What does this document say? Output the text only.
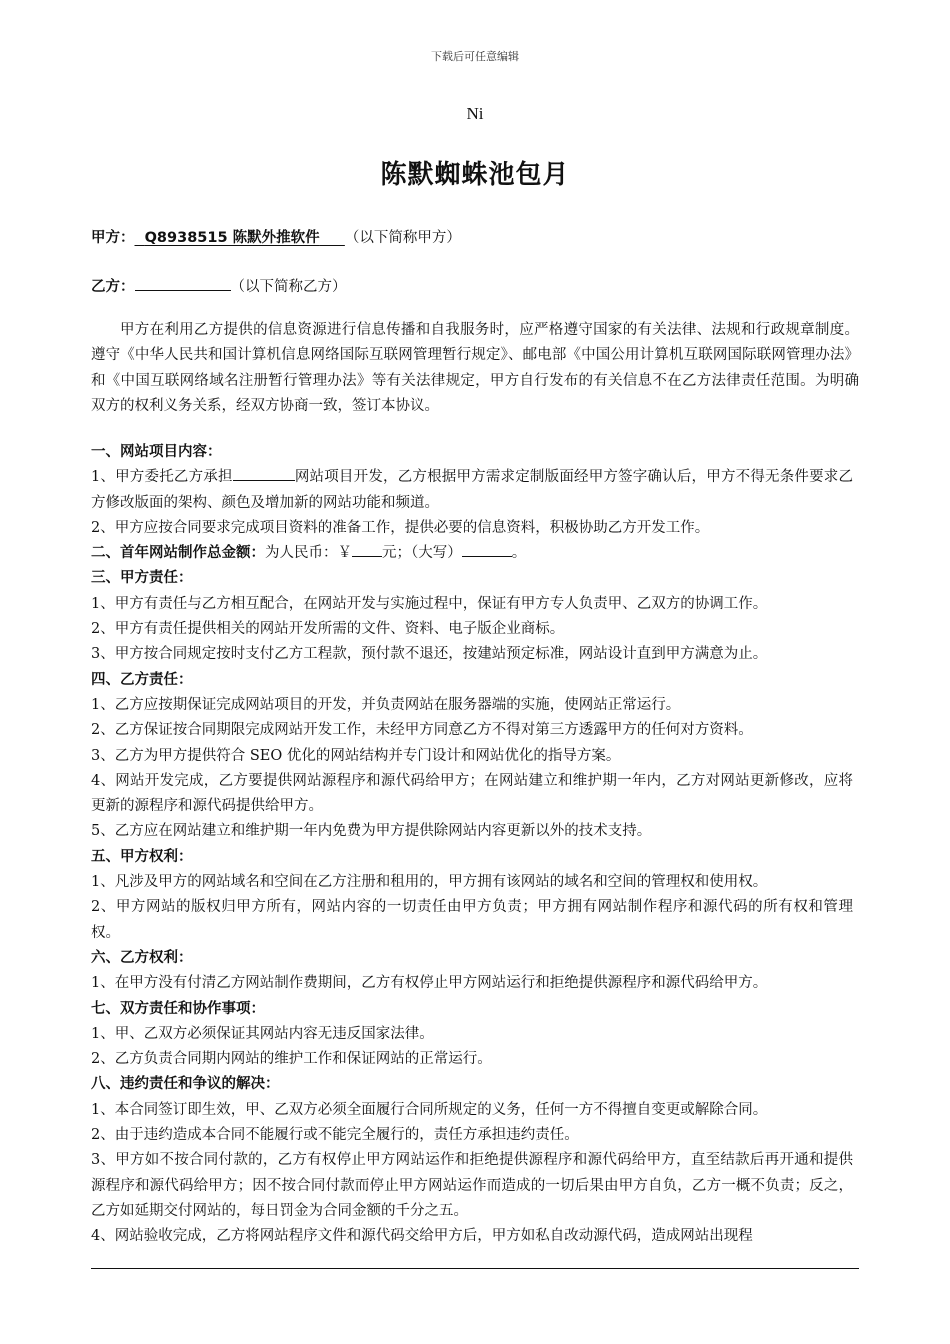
下载后可任意编辑
Ni
陈默蜘蛛池包月
甲方： Q8938515 陈默外推软件 （以下简称甲方）
乙方：	（以下简称乙方）
甲方在利用乙方提供的信息资源进行信息传播和自我服务时，应严格遵守国家的有关法律、法规和行政规章制度。遵守《中华人民共和国计算机信息网络国际互联网管理暂行规定》、邮电部《中国公用计算机互联网国际联网管理办法》和《中国互联网络域名注册暂行管理办法》等有关法律规定，甲方自行发布的有关信息不在乙方法律责任范围。为明确双方的权利义务关系，经双方协商一致，签订本协议。
一、网站项目内容：

1、甲方委托乙方承担	网站项目开发，乙方根据甲方需求定制版面经甲方签字确认后，甲方不得无条件要求乙方修改版面的架构、颜色及增加新的网站功能和频道。

2、甲方应按合同要求完成项目资料的准备工作，提供必要的信息资料，积极协助乙方开发工作。

二、首年网站制作总金额：为人民币：￥ 元；（大写）	。

三、甲方责任：

1、甲方有责任与乙方相互配合，在网站开发与实施过程中，保证有甲方专人负责甲、乙双方的协调工作。

2、甲方有责任提供相关的网站开发所需的文件、资料、电子版企业商标。

3、甲方按合同规定按时支付乙方工程款，预付款不退还，按建站预定标准，网站设计直到甲方满意为止。

四、乙方责任：

1、乙方应按期保证完成网站项目的开发，并负责网站在服务器端的实施，使网站正常运行。

2、乙方保证按合同期限完成网站开发工作，未经甲方同意乙方不得对第三方透露甲方的任何对方资料。

3、乙方为甲方提供符合 SEO 优化的网站结构并专门设计和网站优化的指导方案。

4、网站开发完成，乙方要提供网站源程序和源代码给甲方；在网站建立和维护期一年内，乙方对网站更新修改，应将更新的源程序和源代码提供给甲方。

5、乙方应在网站建立和维护期一年内免费为甲方提供除网站内容更新以外的技术支持。

五、甲方权利：

1、凡涉及甲方的网站域名和空间在乙方注册和租用的，甲方拥有该网站的域名和空间的管理权和使用权。

2、甲方网站的版权归甲方所有，网站内容的一切责任由甲方负责；甲方拥有网站制作程序和源代码的所有权和管理权。

六、乙方权利：

1、在甲方没有付清乙方网站制作费期间，乙方有权停止甲方网站运行和拒绝提供源程序和源代码给甲方。

七、双方责任和协作事项：

1、甲、乙双方必须保证其网站内容无违反国家法律。

2、乙方负责合同期内网站的维护工作和保证网站的正常运行。

八、违约责任和争议的解决：

1、本合同签订即生效，甲、乙双方必须全面履行合同所规定的义务，任何一方不得擅自变更或解除合同。

2、由于违约造成本合同不能履行或不能完全履行的，责任方承担违约责任。

3、甲方如不按合同付款的，乙方有权停止甲方网站运作和拒绝提供源程序和源代码给甲方，直至结款后再开通和提供源程序和源代码给甲方；因不按合同付款而停止甲方网站运作而造成的一切后果由甲方自负，乙方一概不负责；反之，乙方如延期交付网站的，每日罚金为合同金额的千分之五。

4、网站验收完成，乙方将网站程序文件和源代码交给甲方后，甲方如私自改动源代码，造成网站出现程
